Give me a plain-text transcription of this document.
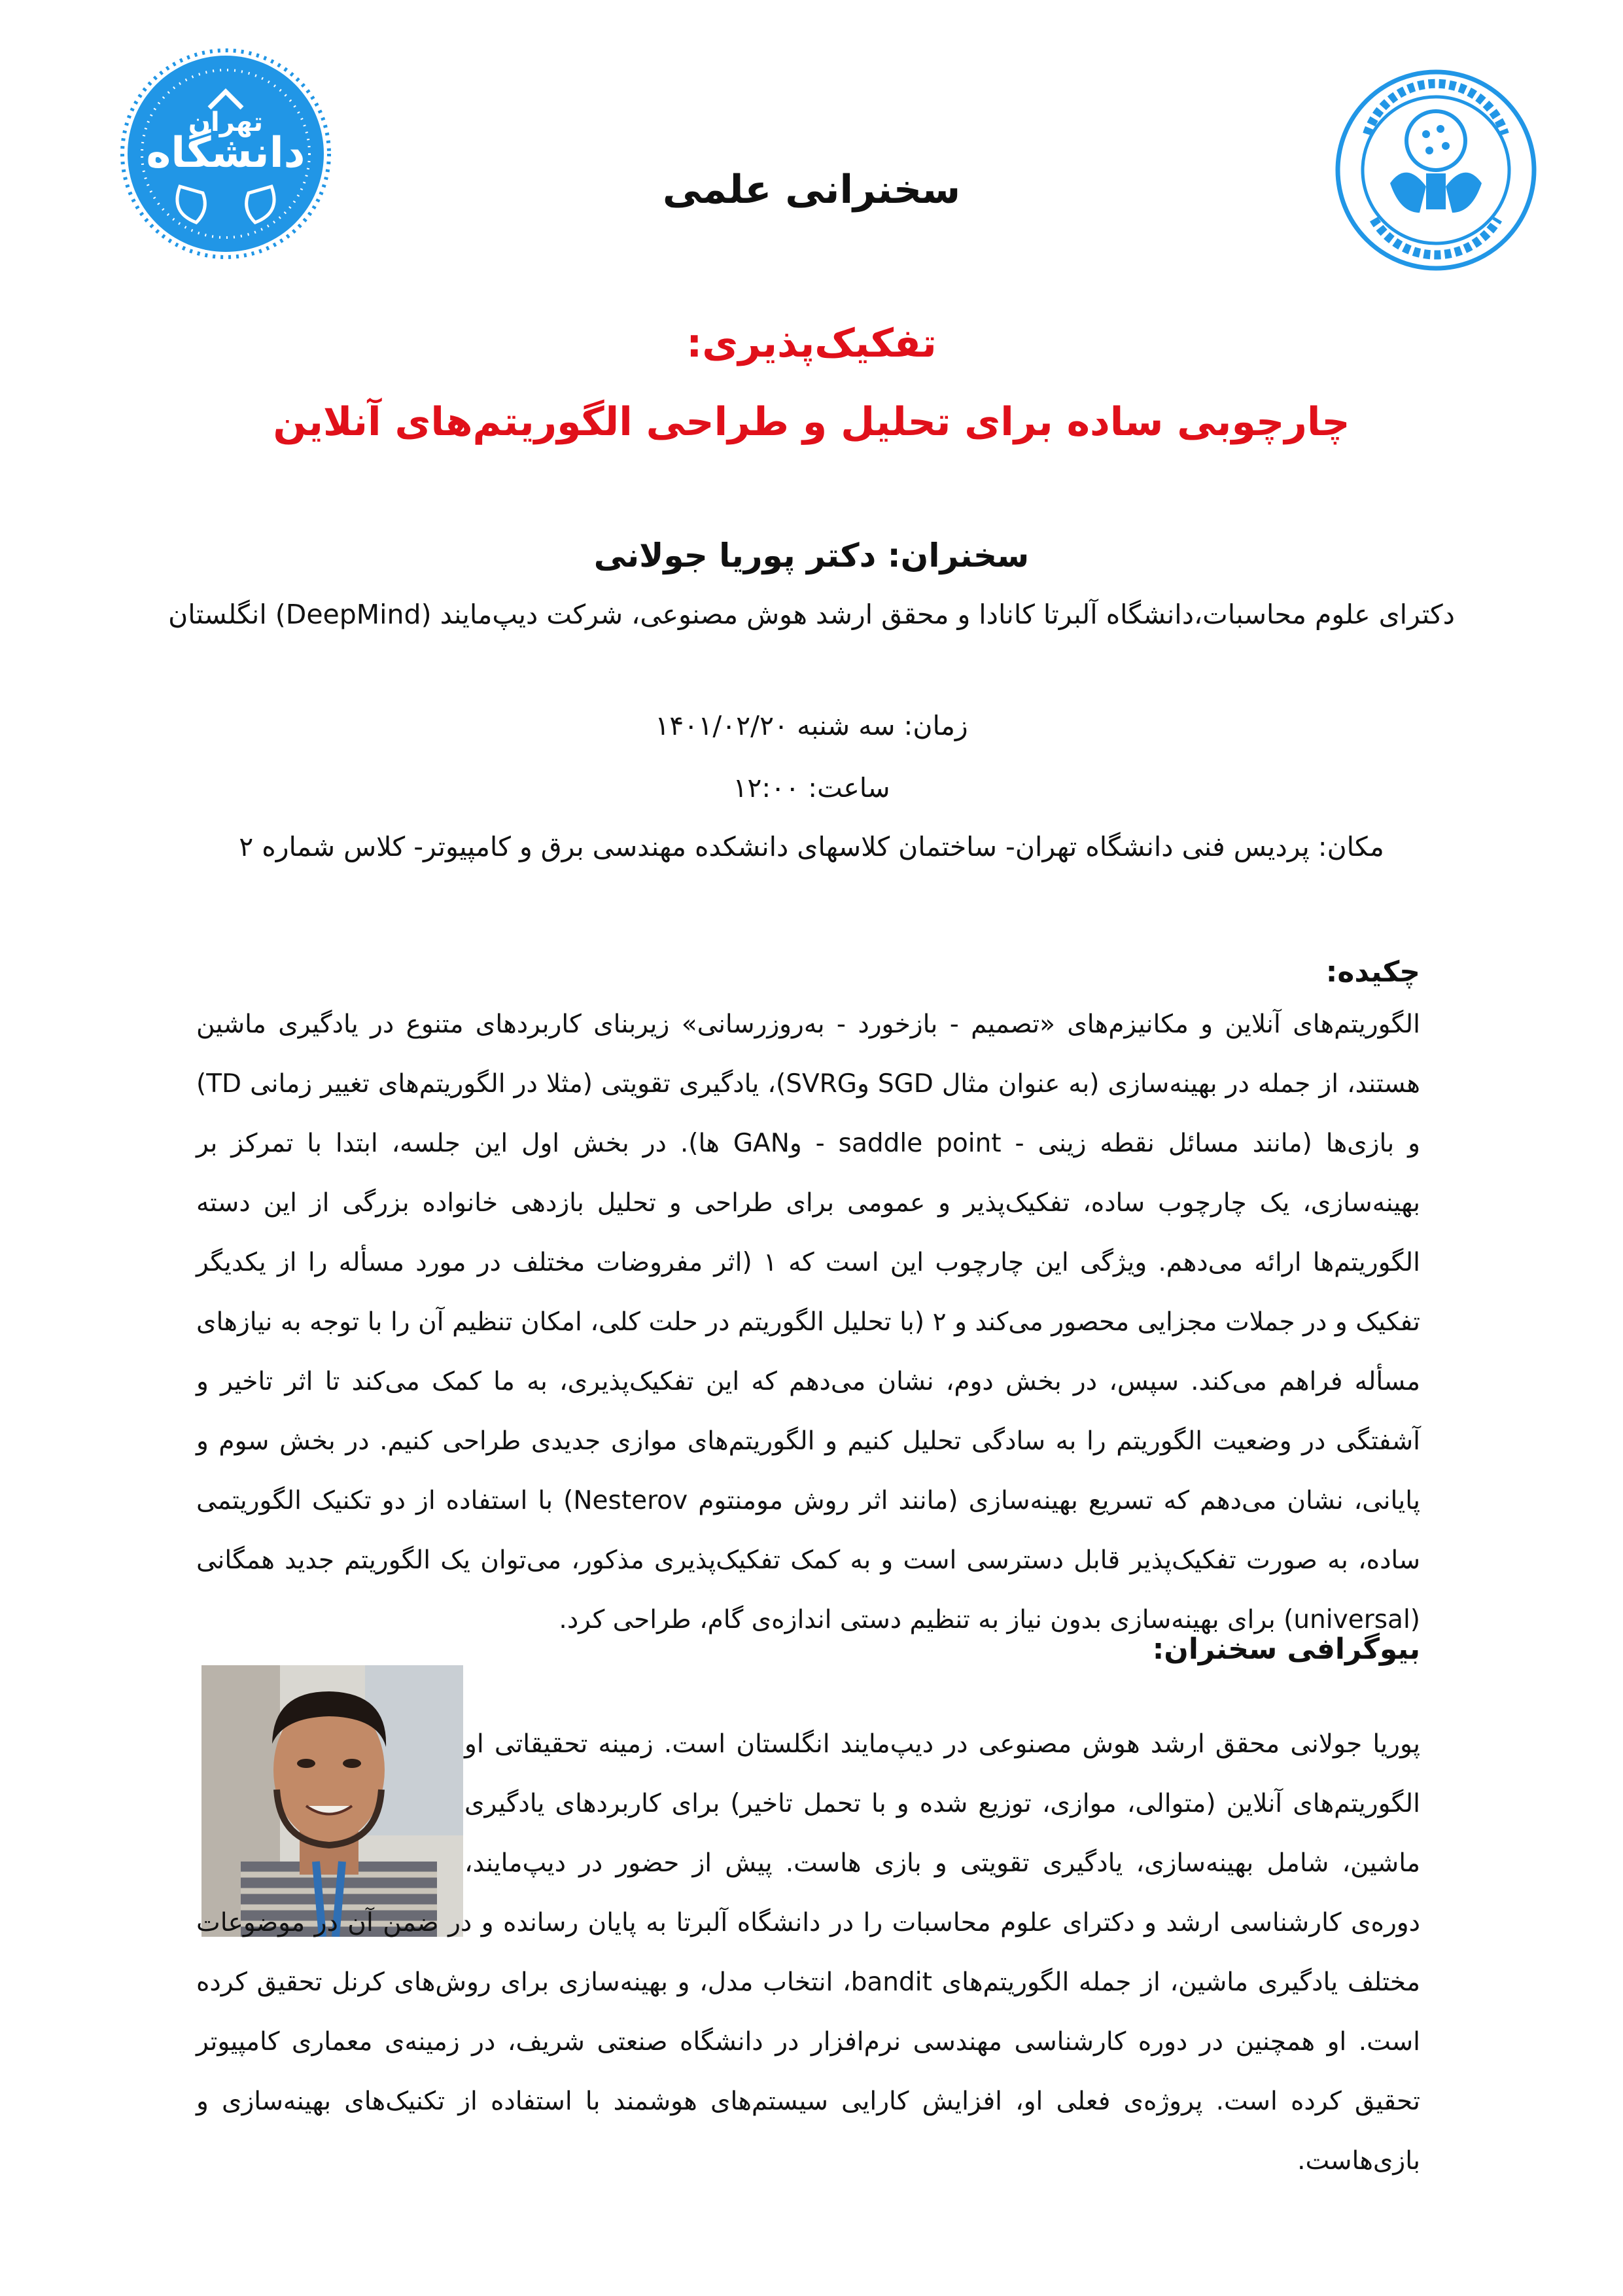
دانشگاه
تهران
سخنرانی علمی
تفکیک‌پذیری:
چارچوبی ساده برای تحلیل و طراحی الگوریتم‌های آنلاین
سخنران: دکتر پوریا جولانی
دکترای علوم محاسبات،دانشگاه آلبرتا کانادا و محقق ارشد هوش مصنوعی، شرکت دیپ‌مایند (DeepMind) انگلستان
زمان: سه شنبه ۱۴۰۱/۰۲/۲۰
ساعت: ۱۲:۰۰
مکان: پردیس فنی دانشگاه تهران- ساختمان کلاسهای دانشکده مهندسی برق و کامپیوتر- کلاس شماره ۲
چکیده:
الگوریتم‌های آنلاین و مکانیزم‌های «تصمیم - بازخورد - به‌روزرسانی» زیربنای کاربردهای متنوع در یادگیری ماشین هستند، از جمله در بهینه‌سازی (به عنوان مثال SGD وSVRG)، یادگیری تقویتی (مثلا در الگوریتم‌های تغییر زمانی TD) و بازی‌ها (مانند مسائل نقطه زینی - saddle point - وGAN ها). در بخش اول این جلسه، ابتدا با تمرکز بر بهینه‌سازی، یک چارچوب ساده، تفکیک‌پذیر و عمومی برای طراحی و تحلیل بازدهی خانواده بزرگی از این دسته الگوریتم‌ها ارائه می‌دهم. ویژگی این چارچوب این است که ۱ (اثر مفروضات مختلف در مورد مسأله را از یکدیگر تفکیک و در جملات مجزایی محصور می‌کند و ۲ (با تحلیل الگوریتم در حلت کلی، امکان تنظیم آن را با توجه به نیازهای مسأله فراهم می‌کند. سپس، در بخش دوم، نشان می‌دهم که این تفکیک‌پذیری، به ما کمک می‌کند تا اثر تاخیر و آشفتگی در وضعیت الگوریتم را به سادگی تحلیل کنیم و الگوریتم‌های موازی جدیدی طراحی کنیم. در بخش سوم و پایانی، نشان می‌دهم که تسریع بهینه‌سازی (مانند اثر روش مومنتوم Nesterov) با استفاده از دو تکنیک الگوریتمی ساده، به صورت تفکیک‌پذیر قابل دسترسی است و به کمک تفکیک‌پذیری مذکور، می‌توان یک الگوریتم جدید همگانی (universal) برای بهینه‌سازی بدون نیاز به تنظیم دستی اندازه‌ی گام، طراحی کرد.
بیوگرافی سخنران:
پوریا جولانی محقق ارشد هوش مصنوعی در دیپ‌مایند انگلستان است. زمینه تحقیقاتی او الگوریتم‌های آنلاین (متوالی، موازی، توزیع شده و با تحمل تاخیر) برای کاربردهای یادگیری ماشین، شامل بهینه‌سازی، یادگیری تقویتی و بازی هاست. پیش از حضور در دیپ‌مایند، دوره‌ی کارشناسی ارشد و دکترای علوم محاسبات را در دانشگاه آلبرتا به پایان رسانده و در ضمن آن در موضوعات مختلف یادگیری ماشین، از جمله الگوریتم‌های bandit، انتخاب مدل، و بهینه‌سازی برای روش‌های کرنل تحقیق کرده است. او همچنین در دوره کارشناسی مهندسی نرم‌افزار در دانشگاه صنعتی شریف، در زمینه‌ی معماری کامپیوتر تحقیق کرده است. پروژه‌ی فعلی او، افزایش کارایی سیستم‌های هوشمند با استفاده از تکنیک‌های بهینه‌سازی و بازی‌هاست.
